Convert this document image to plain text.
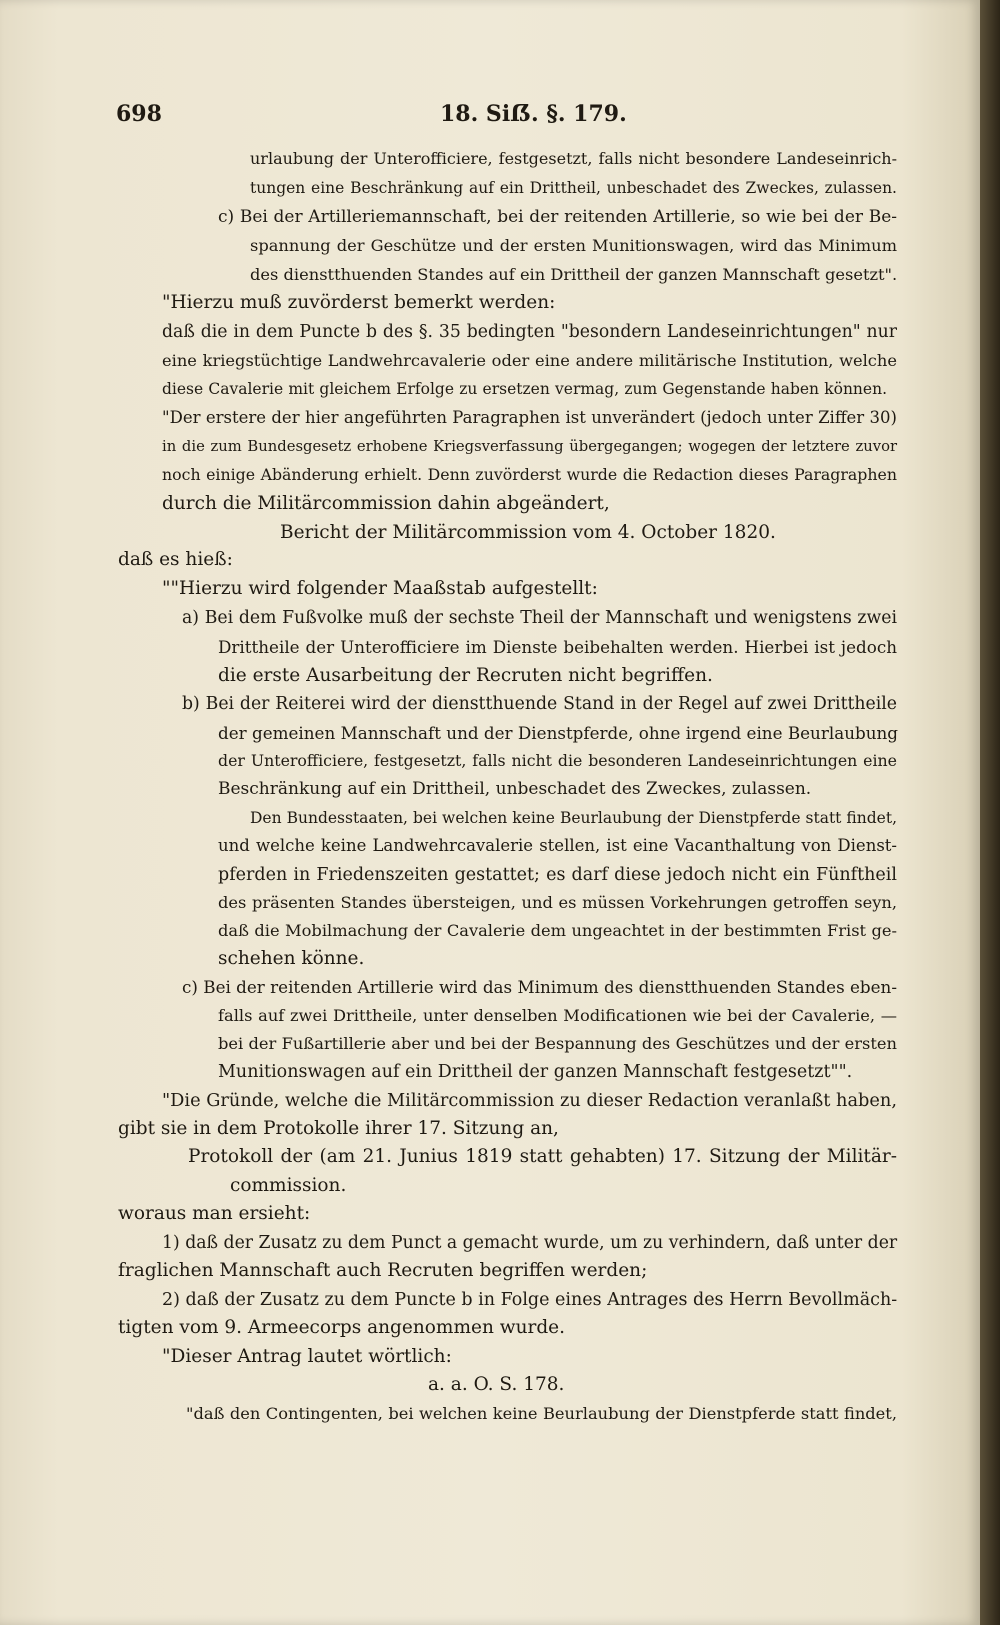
698	18. Siẞ. §. 179.
urlaubung der Unterofficiere, festgesetzt, falls nicht besondere Landeseinrich-
tungen eine Beschränkung auf ein Drittheil, unbeschadet des Zweckes, zulassen.
c) Bei der Artilleriemannschaft, bei der reitenden Artillerie, so wie bei der Be-
spannung der Geschütze und der ersten Munitionswagen, wird das Minimum
des dienstthuenden Standes auf ein Drittheil der ganzen Mannschaft gesetzt".
"Hierzu muß zuvörderst bemerkt werden:
daß die in dem Puncte b des §. 35 bedingten "besondern Landeseinrichtungen" nur
eine kriegstüchtige Landwehrcavalerie oder eine andere militärische Institution, welche
diese Cavalerie mit gleichem Erfolge zu ersetzen vermag, zum Gegenstande haben können.
"Der erstere der hier angeführten Paragraphen ist unverändert (jedoch unter Ziffer 30)
in die zum Bundesgesetz erhobene Kriegsverfassung übergegangen; wogegen der letztere zuvor
noch einige Abänderung erhielt. Denn zuvörderst wurde die Redaction dieses Paragraphen
durch die Militärcommission dahin abgeändert,
Bericht der Militärcommission vom 4. October 1820.
daß es hieß:
""Hierzu wird folgender Maaßstab aufgestellt:
a) Bei dem Fußvolke muß der sechste Theil der Mannschaft und wenigstens zwei
Drittheile der Unterofficiere im Dienste beibehalten werden. Hierbei ist jedoch
die erste Ausarbeitung der Recruten nicht begriffen.
b) Bei der Reiterei wird der dienstthuende Stand in der Regel auf zwei Drittheile
der gemeinen Mannschaft und der Dienstpferde, ohne irgend eine Beurlaubung
der Unterofficiere, festgesetzt, falls nicht die besonderen Landeseinrichtungen eine
Beschränkung auf ein Drittheil, unbeschadet des Zweckes, zulassen.
Den Bundesstaaten, bei welchen keine Beurlaubung der Dienstpferde statt findet,
und welche keine Landwehrcavalerie stellen, ist eine Vacanthaltung von Dienst-
pferden in Friedenszeiten gestattet; es darf diese jedoch nicht ein Fünftheil
des präsenten Standes übersteigen, und es müssen Vorkehrungen getroffen seyn,
daß die Mobilmachung der Cavalerie dem ungeachtet in der bestimmten Frist ge-
schehen könne.
c) Bei der reitenden Artillerie wird das Minimum des dienstthuenden Standes eben-
falls auf zwei Drittheile, unter denselben Modificationen wie bei der Cavalerie, —
bei der Fußartillerie aber und bei der Bespannung des Geschützes und der ersten
Munitionswagen auf ein Drittheil der ganzen Mannschaft festgesetzt"".
"Die Gründe, welche die Militärcommission zu dieser Redaction veranlaßt haben,
gibt sie in dem Protokolle ihrer 17. Sitzung an,
Protokoll der (am 21. Junius 1819 statt gehabten) 17. Sitzung der Militär-
commission.
woraus man ersieht:
1) daß der Zusatz zu dem Punct a gemacht wurde, um zu verhindern, daß unter der
fraglichen Mannschaft auch Recruten begriffen werden;
2) daß der Zusatz zu dem Puncte b in Folge eines Antrages des Herrn Bevollmäch-
tigten vom 9. Armeecorps angenommen wurde.
"Dieser Antrag lautet wörtlich:
a. a. O. S. 178.
"daß den Contingenten, bei welchen keine Beurlaubung der Dienstpferde statt findet,
